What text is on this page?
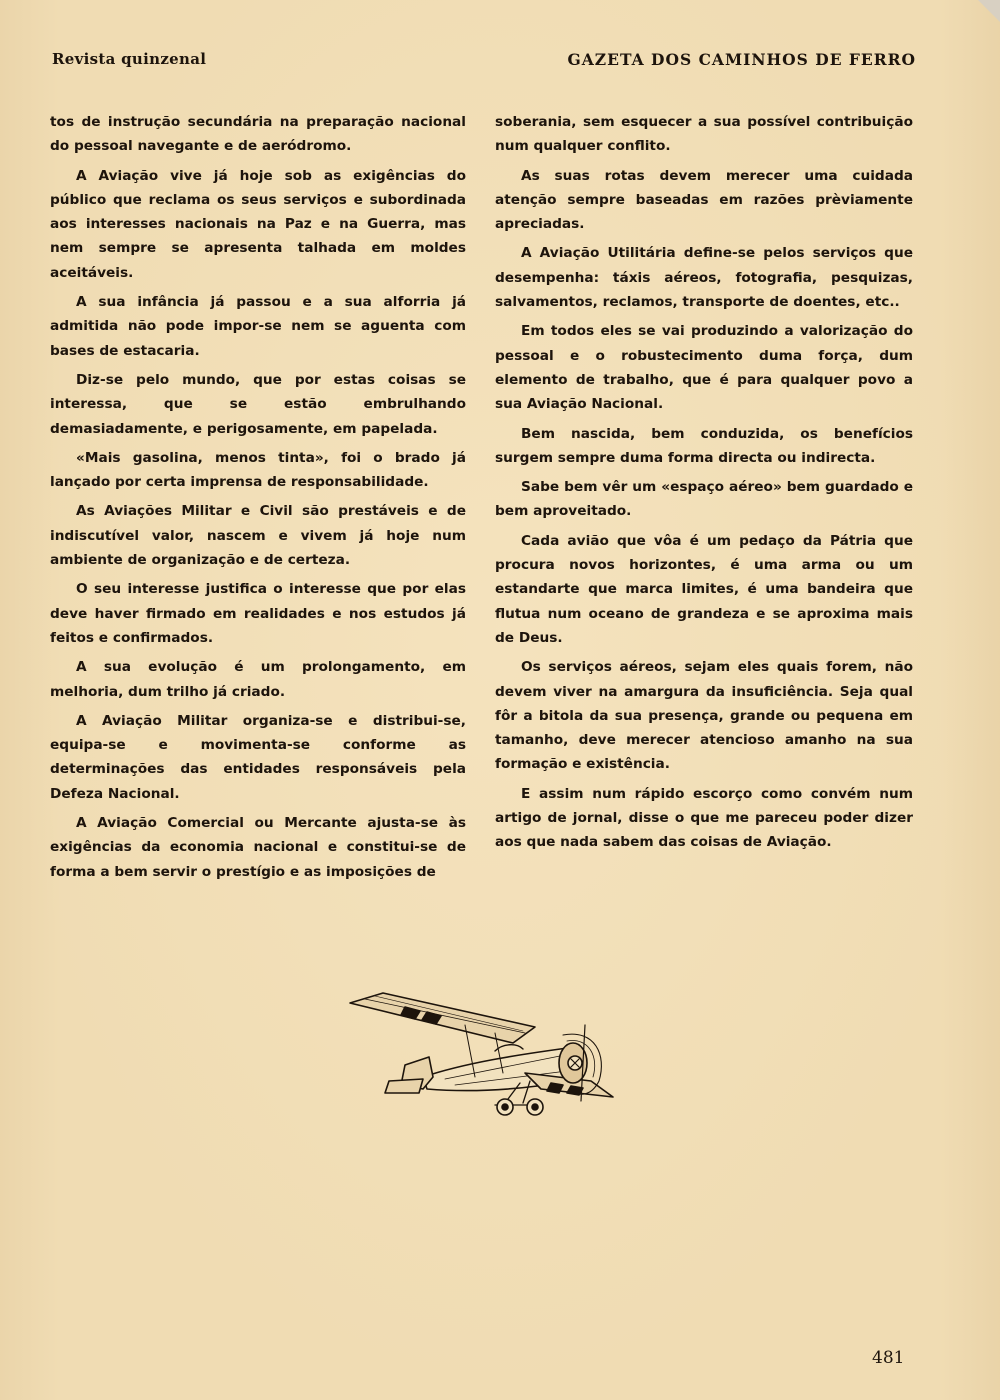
Revista quinzenal	GAZETA DOS CAMINHOS DE FERRO

tos de instrução secundária na preparação nacional do pessoal navegante e de aeródromo.

A Aviação vive já hoje sob as exigências do público que reclama os seus serviços e subordinada aos interesses nacionais na Paz e na Guerra, mas nem sempre se apresenta talhada em moldes aceitáveis.

A sua infância já passou e a sua alforria já admitida não pode impor-se nem se aguenta com bases de estacaria.

Diz-se pelo mundo, que por estas coisas se interessa, que se estão embrulhando demasiadamente, e perigosamente, em papelada.

«Mais gasolina, menos tinta», foi o brado já lançado por certa imprensa de responsabilidade.

As Aviações Militar e Civil são prestáveis e de indiscutível valor, nascem e vivem já hoje num ambiente de organização e de certeza.

O seu interesse justifica o interesse que por elas deve haver firmado em realidades e nos estudos já feitos e confirmados.

A sua evolução é um prolongamento, em melhoria, dum trilho já criado.

A Aviação Militar organiza-se e distribui-se, equipa-se e movimenta-se conforme as determinações das entidades responsáveis pela Defeza Nacional.

A Aviação Comercial ou Mercante ajusta-se às exigências da economia nacional e constitui-se de forma a bem servir o prestígio e as imposições de

soberania, sem esquecer a sua possível contribuição num qualquer conflito.

As suas rotas devem merecer uma cuidada atenção sempre baseadas em razões prèviamente apreciadas.

A Aviação Utilitária define-se pelos serviços que desempenha: táxis aéreos, fotografia, pesquizas, salvamentos, reclamos, transporte de doentes, etc..

Em todos eles se vai produzindo a valorização do pessoal e o robustecimento duma força, dum elemento de trabalho, que é para qualquer povo a sua Aviação Nacional.

Bem nascida, bem conduzida, os benefícios surgem sempre duma forma directa ou indirecta.

Sabe bem vêr um «espaço aéreo» bem guardado e bem aproveitado.

Cada avião que vôa é um pedaço da Pátria que procura novos horizontes, é uma arma ou um estandarte que marca limites, é uma bandeira que flutua num oceano de grandeza e se aproxima mais de Deus.

Os serviços aéreos, sejam eles quais forem, não devem viver na amargura da insuficiência. Seja qual fôr a bitola da sua presença, grande ou pequena em tamanho, deve merecer atencioso amanho na sua formação e existência.

E assim num rápido escorço como convém num artigo de jornal, disse o que me pareceu poder dizer aos que nada sabem das coisas de Aviação.

481
